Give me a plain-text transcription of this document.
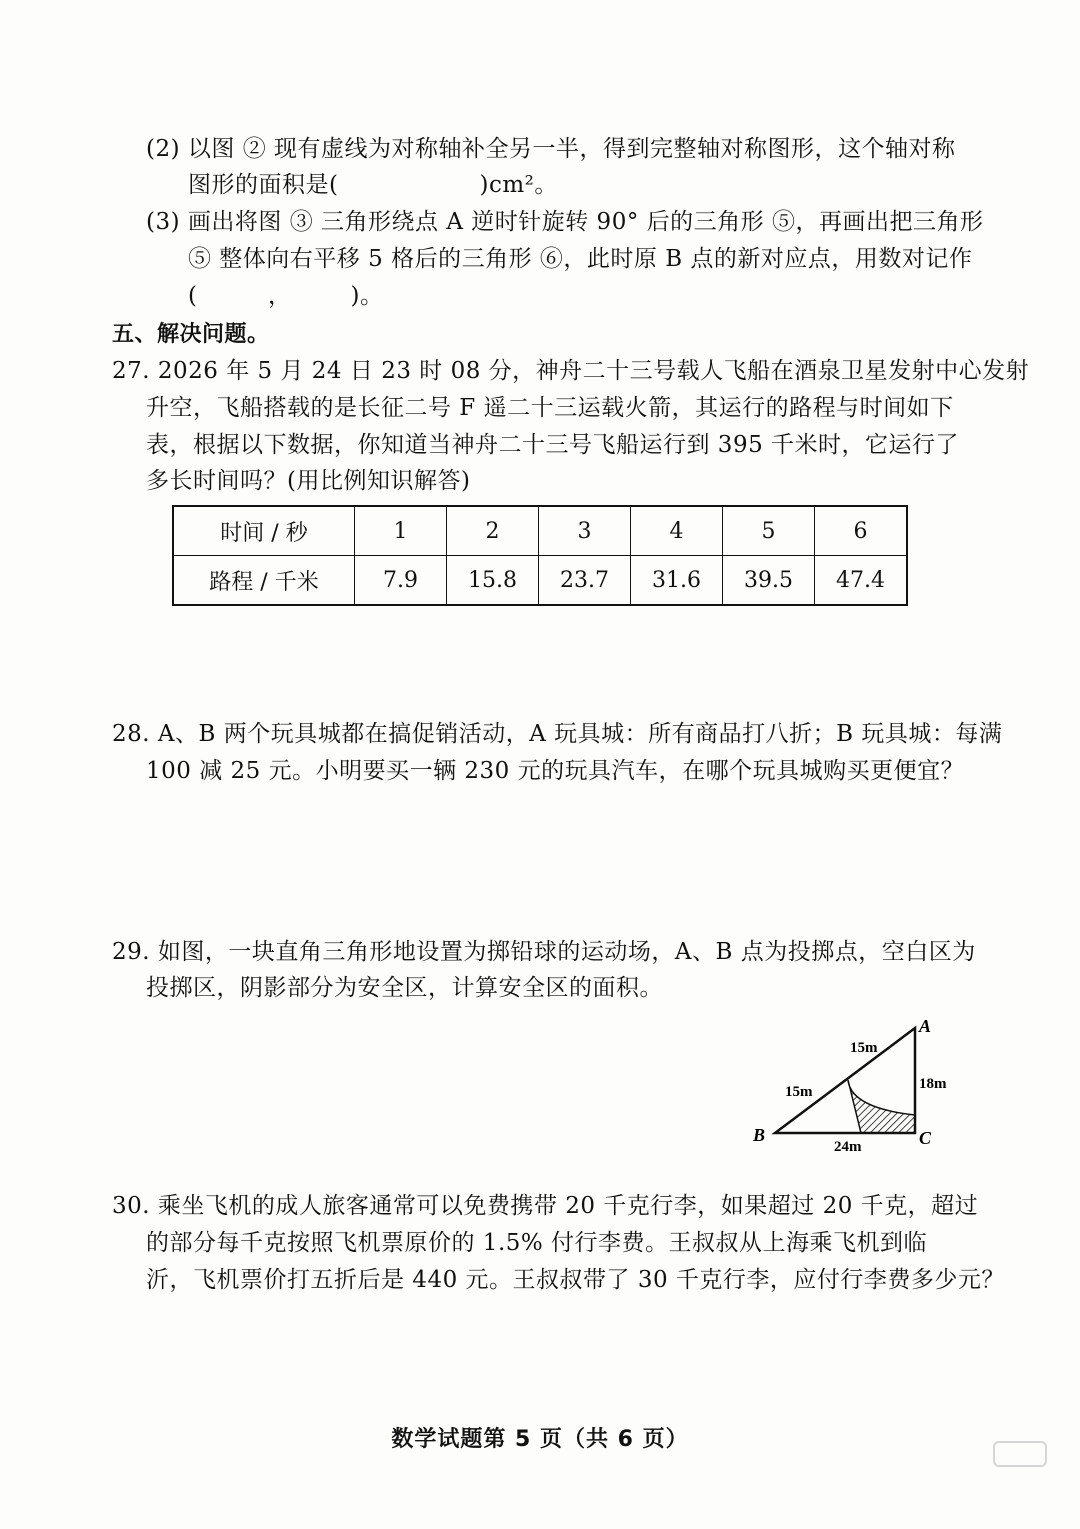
(2) 以图 ② 现有虚线为对称轴补全另一半，得到完整轴对称图形，这个轴对称
图形的面积是(　　　　　　)cm²。
(3) 画出将图 ③ 三角形绕点 A 逆时针旋转 90° 后的三角形 ⑤，再画出把三角形
⑤ 整体向右平移 5 格后的三角形 ⑥，此时原 B 点的新对应点，用数对记作
(　　　，　　　)。
五、解决问题。
27. 2026 年 5 月 24 日 23 时 08 分，神舟二十三号载人飞船在酒泉卫星发射中心发射
升空，飞船搭载的是长征二号 F 遥二十三运载火箭，其运行的路程与时间如下
表，根据以下数据，你知道当神舟二十三号飞船运行到 395 千米时，它运行了
多长时间吗？(用比例知识解答)
时间 / 秒	1	2	3	4	5	6
路程 / 千米	7.9	15.8	23.7	31.6	39.5	47.4
28. A、B 两个玩具城都在搞促销活动，A 玩具城：所有商品打八折；B 玩具城：每满
100 减 25 元。小明要买一辆 230 元的玩具汽车，在哪个玩具城购买更便宜？
29. 如图，一块直角三角形地设置为掷铅球的运动场，A、B 点为投掷点，空白区为
投掷区，阴影部分为安全区，计算安全区的面积。
A
B	C
15m
15m	18m
24m
30. 乘坐飞机的成人旅客通常可以免费携带 20 千克行李，如果超过 20 千克，超过
的部分每千克按照飞机票原价的 1.5% 付行李费。王叔叔从上海乘飞机到临
沂，飞机票价打五折后是 440 元。王叔叔带了 30 千克行李，应付行李费多少元？
数学试题第 5 页（共 6 页）
